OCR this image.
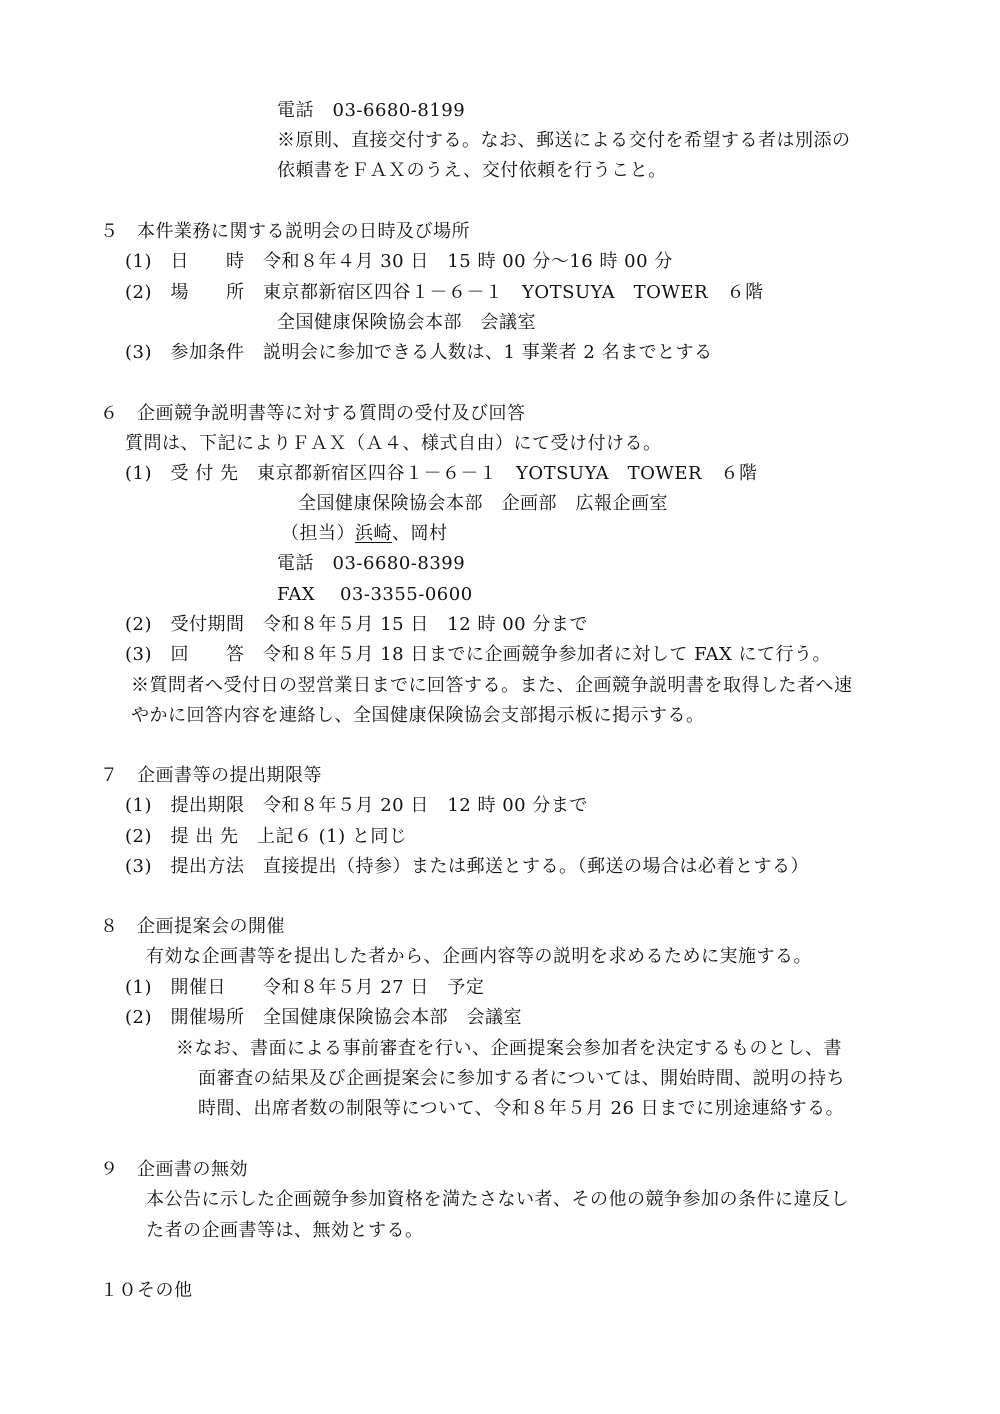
電話　03-6680-8199
※原則、直接交付する。なお、郵送による交付を希望する者は別添の
依頼書をＦＡＸのうえ、交付依頼を行うこと。
５　本件業務に関する説明会の日時及び場所
(1)　日　　時　令和８年４月 30 日　15 時 00 分〜16 時 00 分
(2)　場　　所　東京都新宿区四谷１－６－１　YOTSUYA　TOWER　６階
全国健康保険協会本部　会議室
(3)　参加条件　説明会に参加できる人数は、1 事業者 2 名までとする
６　企画競争説明書等に対する質問の受付及び回答
質問は、下記によりＦＡＸ（Ａ４、様式自由）にて受け付ける。
(1)　受 付 先　東京都新宿区四谷１－６－１　YOTSUYA　TOWER　６階
全国健康保険協会本部　企画部　広報企画室
（担当）浜崎、岡村
電話　03-6680-8399
FAX　 03-3355-0600
(2)　受付期間　令和８年５月 15 日　12 時 00 分まで
(3)　回　　答　令和８年５月 18 日までに企画競争参加者に対して FAX にて行う。
※質問者へ受付日の翌営業日までに回答する。また、企画競争説明書を取得した者へ速
やかに回答内容を連絡し、全国健康保険協会支部掲示板に掲示する。
７　企画書等の提出期限等
(1)　提出期限　令和８年５月 20 日　12 時 00 分まで
(2)　提 出 先　上記６ (1) と同じ
(3)　提出方法　直接提出（持参）または郵送とする。（郵送の場合は必着とする）
８　企画提案会の開催
有効な企画書等を提出した者から、企画内容等の説明を求めるために実施する。
(1)　開催日　　令和８年５月 27 日　予定
(2)　開催場所　全国健康保険協会本部　会議室
※なお、書面による事前審査を行い、企画提案会参加者を決定するものとし、書
面審査の結果及び企画提案会に参加する者については、開始時間、説明の持ち
時間、出席者数の制限等について、令和８年５月 26 日までに別途連絡する。
９　企画書の無効
本公告に示した企画競争参加資格を満たさない者、その他の競争参加の条件に違反し
た者の企画書等は、無効とする。
１０その他
